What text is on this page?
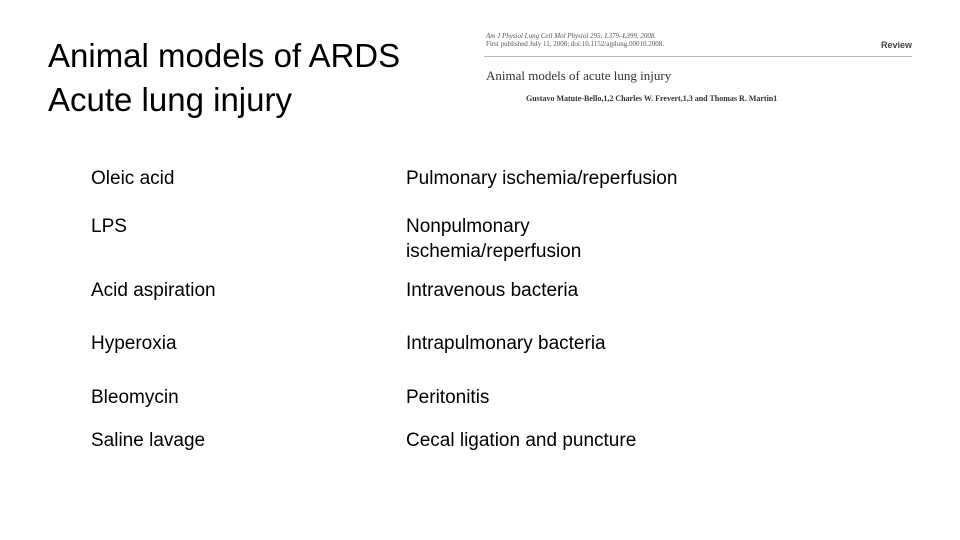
Animal models of ARDS
Acute lung injury
Am J Physiol Lung Cell Mol Physiol 295: L379–L399, 2008.
First published July 11, 2008; doi:10.1152/ajplung.00010.2008.	Review
Animal models of acute lung injury
Gustavo Matute-Bello,1,2 Charles W. Frevert,1,3 and Thomas R. Martin1
Oleic acid	Pulmonary ischemia/reperfusion
LPS	Nonpulmonary ischemia/reperfusion
Acid aspiration	Intravenous bacteria
Hyperoxia	Intrapulmonary bacteria
Bleomycin	Peritonitis
Saline lavage	Cecal ligation and puncture
